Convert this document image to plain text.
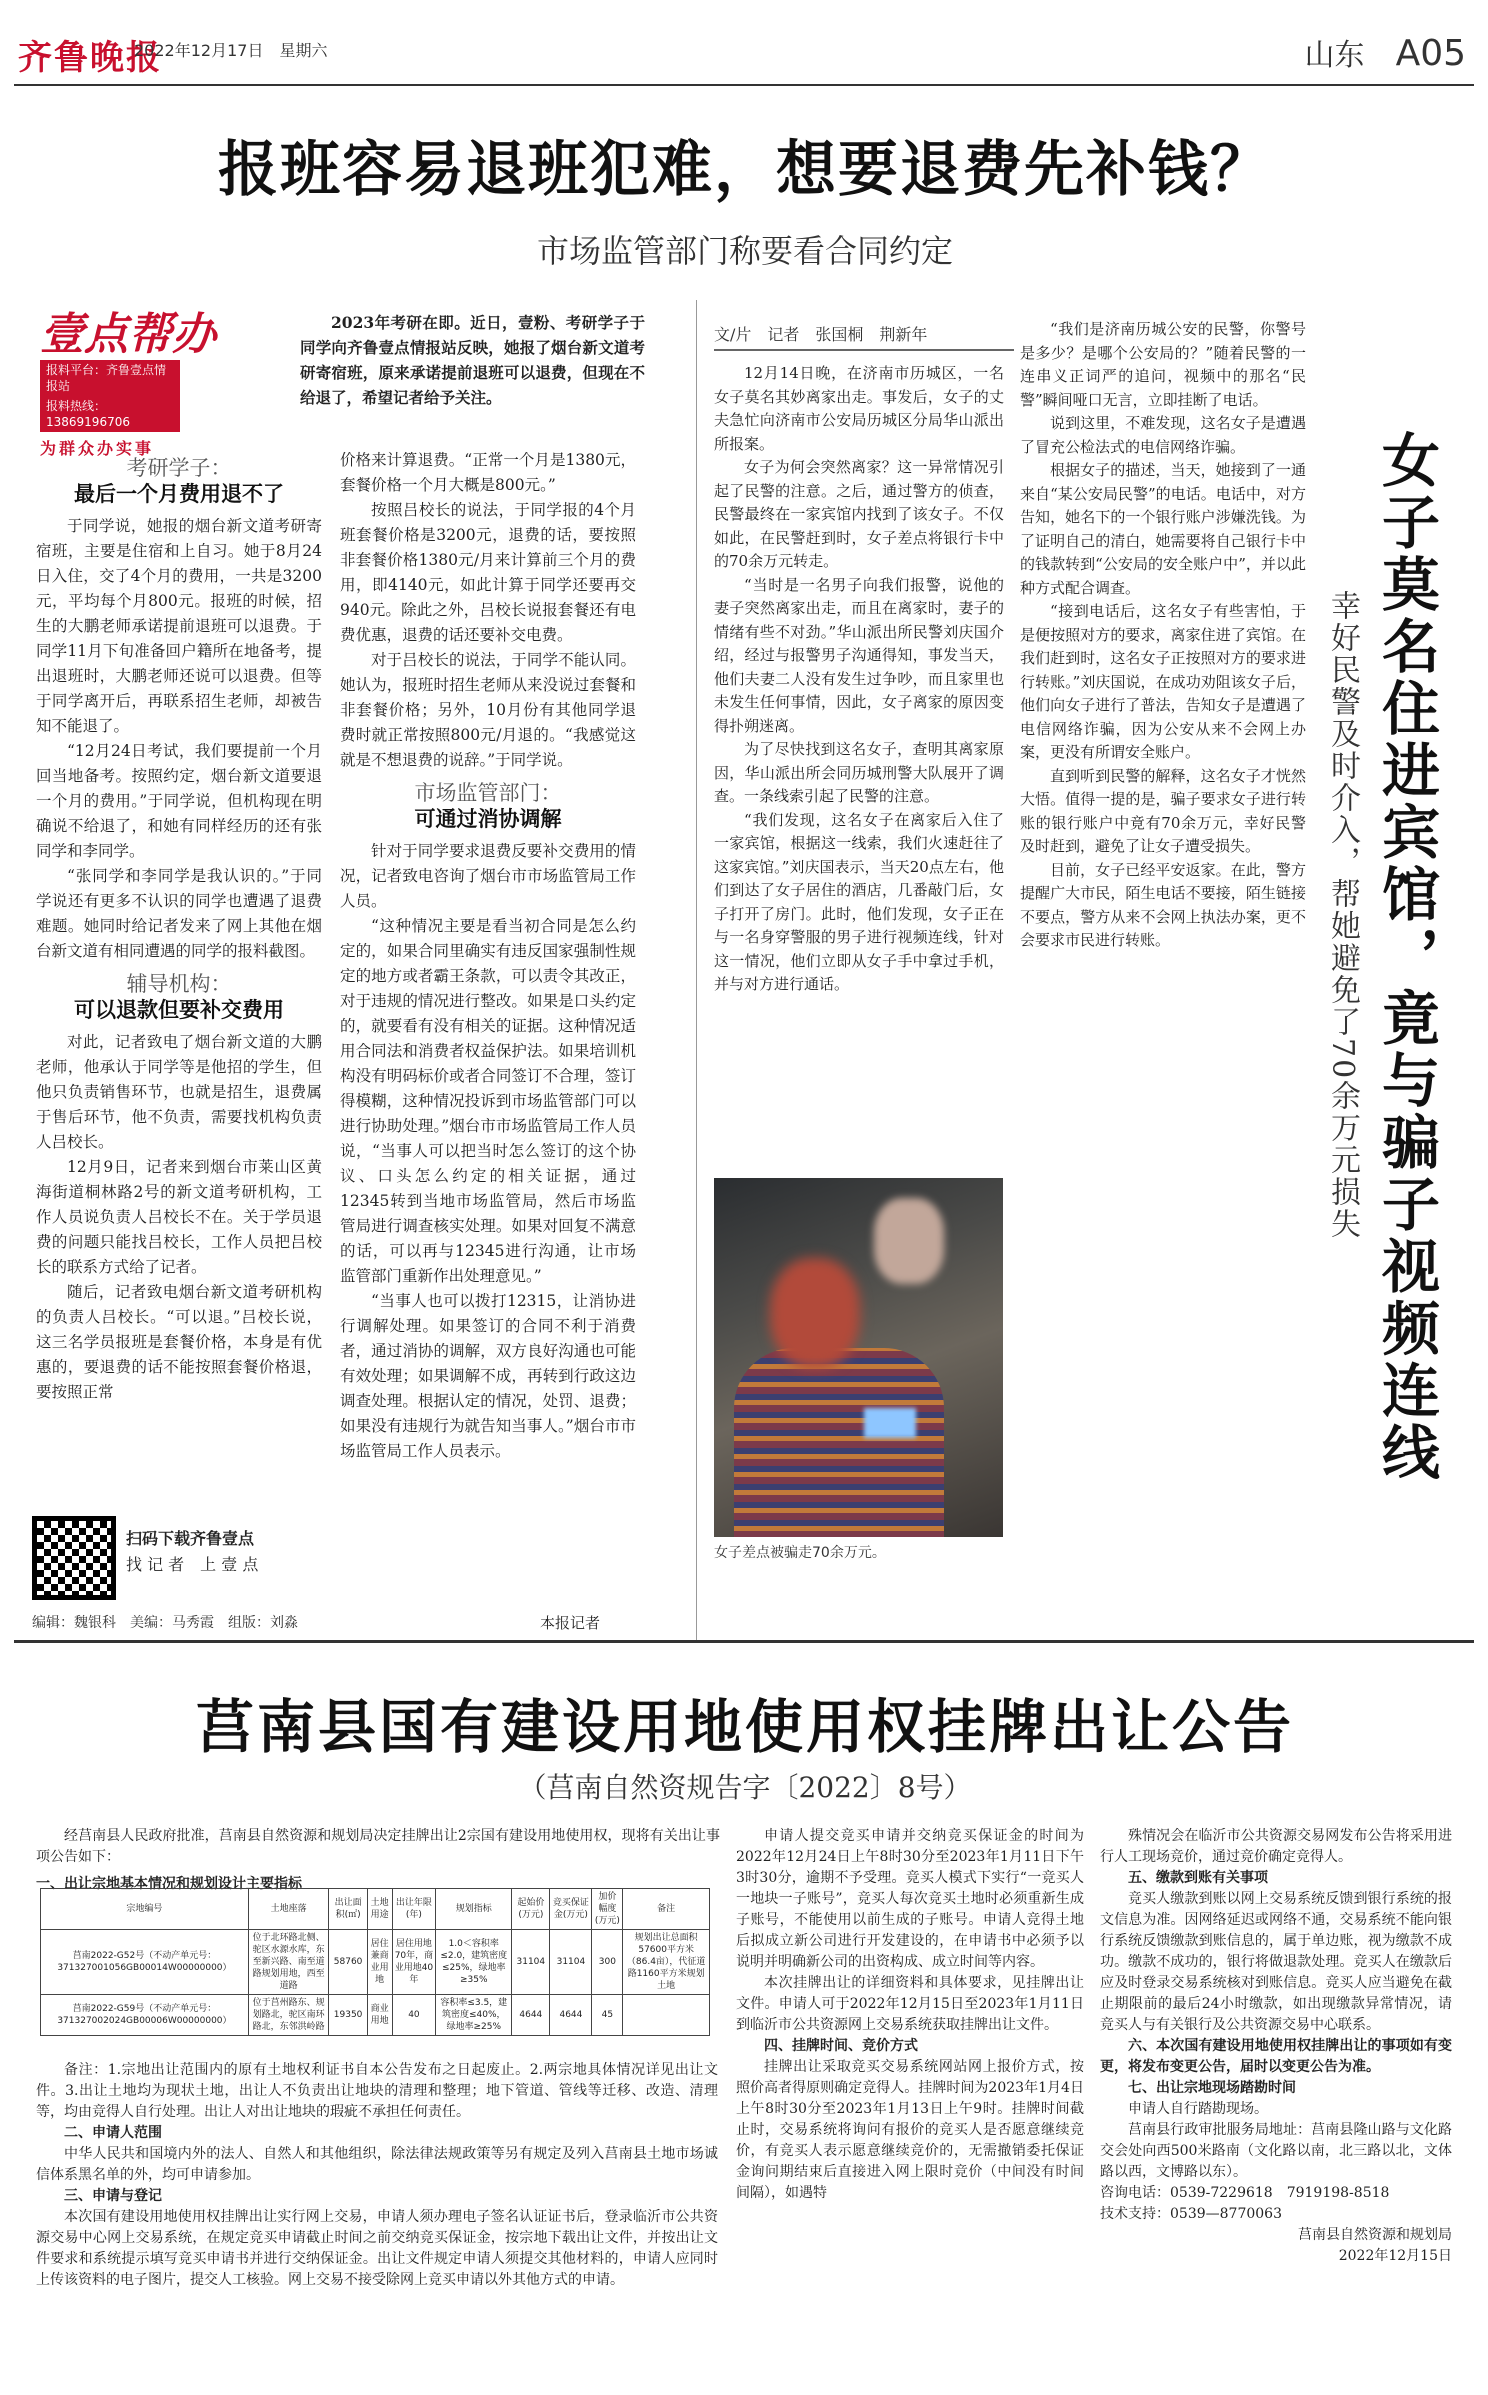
齐鲁晚报
2022年12月17日　星期六	山东 A05
报班容易退班犯难，想要退费先补钱？
市场监管部门称要看合同约定
壹点帮办
报料平台：齐鲁壹点情报站
报料热线：13869196706
为群众办实事

2023年考研在即。近日，壹粉、考研学子于同学向齐鲁壹点情报站反映，她报了烟台新文道考研寄宿班，原来承诺提前退班可以退费，但现在不给退了，希望记者给予关注。

考研学子：
最后一个月费用退不了

于同学说，她报的烟台新文道考研寄宿班，主要是住宿和上自习。她于8月24日入住，交了4个月的费用，一共是3200元，平均每个月800元。报班的时候，招生的大鹏老师承诺提前退班可以退费。于同学11月下旬准备回户籍所在地备考，提出退班时，大鹏老师还说可以退费。但等于同学离开后，再联系招生老师，却被告知不能退了。

“12月24日考试，我们要提前一个月回当地备考。按照约定，烟台新文道要退一个月的费用。”于同学说，但机构现在明确说不给退了，和她有同样经历的还有张同学和李同学。

“张同学和李同学是我认识的。”于同学说还有更多不认识的同学也遭遇了退费难题。她同时给记者发来了网上其他在烟台新文道有相同遭遇的同学的报料截图。

辅导机构：
可以退款但要补交费用

对此，记者致电了烟台新文道的大鹏老师，他承认于同学等是他招的学生，但他只负责销售环节，也就是招生，退费属于售后环节，他不负责，需要找机构负责人吕校长。

12月9日，记者来到烟台市莱山区黄海街道桐林路2号的新文道考研机构，工作人员说负责人吕校长不在。关于学员退费的问题只能找吕校长，工作人员把吕校长的联系方式给了记者。

随后，记者致电烟台新文道考研机构的负责人吕校长。“可以退。”吕校长说，这三名学员报班是套餐价格，本身是有优惠的，要退费的话不能按照套餐价格退，要按照正常

价格来计算退费。“正常一个月是1380元，套餐价格一个月大概是800元。”

按照吕校长的说法，于同学报的4个月班套餐价格是3200元，退费的话，要按照非套餐价格1380元/月来计算前三个月的费用，即4140元，如此计算于同学还要再交940元。除此之外，吕校长说报套餐还有电费优惠，退费的话还要补交电费。

对于吕校长的说法，于同学不能认同。她认为，报班时招生老师从来没说过套餐和非套餐价格；另外，10月份有其他同学退费时就正常按照800元/月退的。“我感觉这就是不想退费的说辞。”于同学说。

市场监管部门：
可通过消协调解

针对于同学要求退费反要补交费用的情况，记者致电咨询了烟台市市场监管局工作人员。

“这种情况主要是看当初合同是怎么约定的，如果合同里确实有违反国家强制性规定的地方或者霸王条款，可以责令其改正，对于违规的情况进行整改。如果是口头约定的，就要看有没有相关的证据。这种情况适用合同法和消费者权益保护法。如果培训机构没有明码标价或者合同签订不合理，签订得模糊，这种情况投诉到市场监管部门可以进行协助处理。”烟台市市场监管局工作人员说，“当事人可以把当时怎么签订的这个协议、口头怎么约定的相关证据，通过12345转到当地市场监管局，然后市场监管局进行调查核实处理。如果对回复不满意的话，可以再与12345进行沟通，让市场监管部门重新作出处理意见。”

“当事人也可以拨打12315，让消协进行调解处理。如果签订的合同不利于消费者，通过消协的调解，双方良好沟通也可能有效处理；如果调解不成，再转到行政这边调查处理。根据认定的情况，处罚、退费；如果没有违规行为就告知当事人。”烟台市市场监管局工作人员表示。

扫码下载齐鲁壹点
找 记 者　上 壹 点
编辑：魏银科　美编：马秀霞　组版：刘淼	本报记者
文/片　记者　张国桐　荆新年

12月14日晚，在济南市历城区，一名女子莫名其妙离家出走。事发后，女子的丈夫急忙向济南市公安局历城区分局华山派出所报案。

女子为何会突然离家？这一异常情况引起了民警的注意。之后，通过警方的侦查，民警最终在一家宾馆内找到了该女子。不仅如此，在民警赶到时，女子差点将银行卡中的70余万元转走。

“当时是一名男子向我们报警，说他的妻子突然离家出走，而且在离家时，妻子的情绪有些不对劲。”华山派出所民警刘庆国介绍，经过与报警男子沟通得知，事发当天，他们夫妻二人没有发生过争吵，而且家里也未发生任何事情，因此，女子离家的原因变得扑朔迷离。

为了尽快找到这名女子，查明其离家原因，华山派出所会同历城刑警大队展开了调查。一条线索引起了民警的注意。

“我们发现，这名女子在离家后入住了一家宾馆，根据这一线索，我们火速赶往了这家宾馆。”刘庆国表示，当天20点左右，他们到达了女子居住的酒店，几番敲门后，女子打开了房门。此时，他们发现，女子正在与一名身穿警服的男子进行视频连线，针对这一情况，他们立即从女子手中拿过手机，并与对方进行通话。

“我们是济南历城公安的民警，你警号是多少？是哪个公安局的？”随着民警的一连串义正词严的追问，视频中的那名“民警”瞬间哑口无言，立即挂断了电话。

说到这里，不难发现，这名女子是遭遇了冒充公检法式的电信网络诈骗。

根据女子的描述，当天，她接到了一通来自“某公安局民警”的电话。电话中，对方告知，她名下的一个银行账户涉嫌洗钱。为了证明自己的清白，她需要将自己银行卡中的钱款转到“公安局的安全账户中”，并以此种方式配合调查。

“接到电话后，这名女子有些害怕，于是便按照对方的要求，离家住进了宾馆。在我们赶到时，这名女子正按照对方的要求进行转账。”刘庆国说，在成功劝阻该女子后，他们向女子进行了普法，告知女子是遭遇了电信网络诈骗，因为公安从来不会网上办案，更没有所谓安全账户。

直到听到民警的解释，这名女子才恍然大悟。值得一提的是，骗子要求女子进行转账的银行账户中竟有70余万元，幸好民警及时赶到，避免了让女子遭受损失。

目前，女子已经平安返家。在此，警方提醒广大市民，陌生电话不要接，陌生链接不要点，警方从来不会网上执法办案，更不会要求市民进行转账。	女子莫名住进宾馆，竟与骗子视频连线
幸好民警及时介入，帮她避免了70余万元损失
女子差点被骗走70余万元。
莒南县国有建设用地使用权挂牌出让公告
（莒南自然资规告字〔2022〕8号）

经莒南县人民政府批准，莒南县自然资源和规划局决定挂牌出让2宗国有建设用地使用权，现将有关出让事项公告如下：

一、出让宗地基本情况和规划设计主要指标
宗地编号	土地座落	出让面积(㎡)	土地用途	出让年限(年)	规划指标	起始价(万元)	竞买保证金(万元)	加价幅度(万元)	备注
莒南2022-G52号（不动产单元号：371327001056GB00014W00000000）	位于北环路北侧、驼区水源水库，东至新兴路、南至道路规划用地，西至道路	58760	居住兼商业用地	居住用地70年，商业用地40年	1.0＜容积率≤2.0，建筑密度≤25%，绿地率≥35%	31104	31104	300	规划出让总面积57600平方米（86.4亩），代征道路1160平方米规划土地
莒南2022-G59号（不动产单元号：371327002024GB00006W00000000）	位于莒州路东、规划路北，驼区南环路北，东邻洪岭路	19350	商业用地	40	容积率≤3.5，建筑密度≤40%，绿地率≥25%	4644	4644	45	

备注：1.宗地出让范围内的原有土地权利证书自本公告发布之日起废止。2.两宗地具体情况详见出让文件。3.出让土地均为现状土地，出让人不负责出让地块的清理和整理；地下管道、管线等迁移、改造、清理等，均由竞得人自行处理。出让人对出让地块的瑕疵不承担任何责任。

二、申请人范围

中华人民共和国境内外的法人、自然人和其他组织，除法律法规政策等另有规定及列入莒南县土地市场诚信体系黑名单的外，均可申请参加。

三、申请与登记

本次国有建设用地使用权挂牌出让实行网上交易，申请人须办理电子签名认证证书后，登录临沂市公共资源交易中心网上交易系统，在规定竞买申请截止时间之前交纳竞买保证金，按宗地下载出让文件，并按出让文件要求和系统提示填写竞买申请书并进行交纳保证金。出让文件规定申请人须提交其他材料的，申请人应同时上传该资料的电子图片，提交人工核验。网上交易不接受除网上竞买申请以外其他方式的申请。

申请人提交竞买申请并交纳竞买保证金的时间为2022年12月24日上午8时30分至2023年1月11日下午3时30分，逾期不予受理。竞买人模式下实行“一竞买人一地块一子账号”，竞买人每次竞买土地时必须重新生成子账号，不能使用以前生成的子账号。申请人竞得土地后拟成立新公司进行开发建设的，在申请书中必须予以说明并明确新公司的出资构成、成立时间等内容。

本次挂牌出让的详细资料和具体要求，见挂牌出让文件。申请人可于2022年12月15日至2023年1月11日到临沂市公共资源网上交易系统获取挂牌出让文件。

四、挂牌时间、竞价方式

挂牌出让采取竞买交易系统网站网上报价方式，按照价高者得原则确定竞得人。挂牌时间为2023年1月4日上午8时30分至2023年1月13日上午9时。挂牌时间截止时，交易系统将询问有报价的竞买人是否愿意继续竞价，有竞买人表示愿意继续竞价的，无需撤销委托保证金询问期结束后直接进入网上限时竞价（中间没有时间间隔），如遇特

殊情况会在临沂市公共资源交易网发布公告将采用进行人工现场竞价，通过竞价确定竞得人。

五、缴款到账有关事项

竞买人缴款到账以网上交易系统反馈到银行系统的报文信息为准。因网络延迟或网络不通，交易系统不能向银行系统反馈缴款到账信息的，属于单边账，视为缴款不成功。缴款不成功的，银行将做退款处理。竞买人在缴款后应及时登录交易系统核对到账信息。竞买人应当避免在截止期限前的最后24小时缴款，如出现缴款异常情况，请竞买人与有关银行及公共资源交易中心联系。

六、本次国有建设用地使用权挂牌出让的事项如有变更，将发布变更公告，届时以变更公告为准。

七、出让宗地现场踏勘时间

申请人自行踏勘现场。

莒南县行政审批服务局地址：莒南县隆山路与文化路交会处向西500米路南（文化路以南，北三路以北，文体路以西，文博路以东）。

咨询电话：0539-7229618　7919198-8518

技术支持：0539—8770063

莒南县自然资源和规划局
2022年12月15日
